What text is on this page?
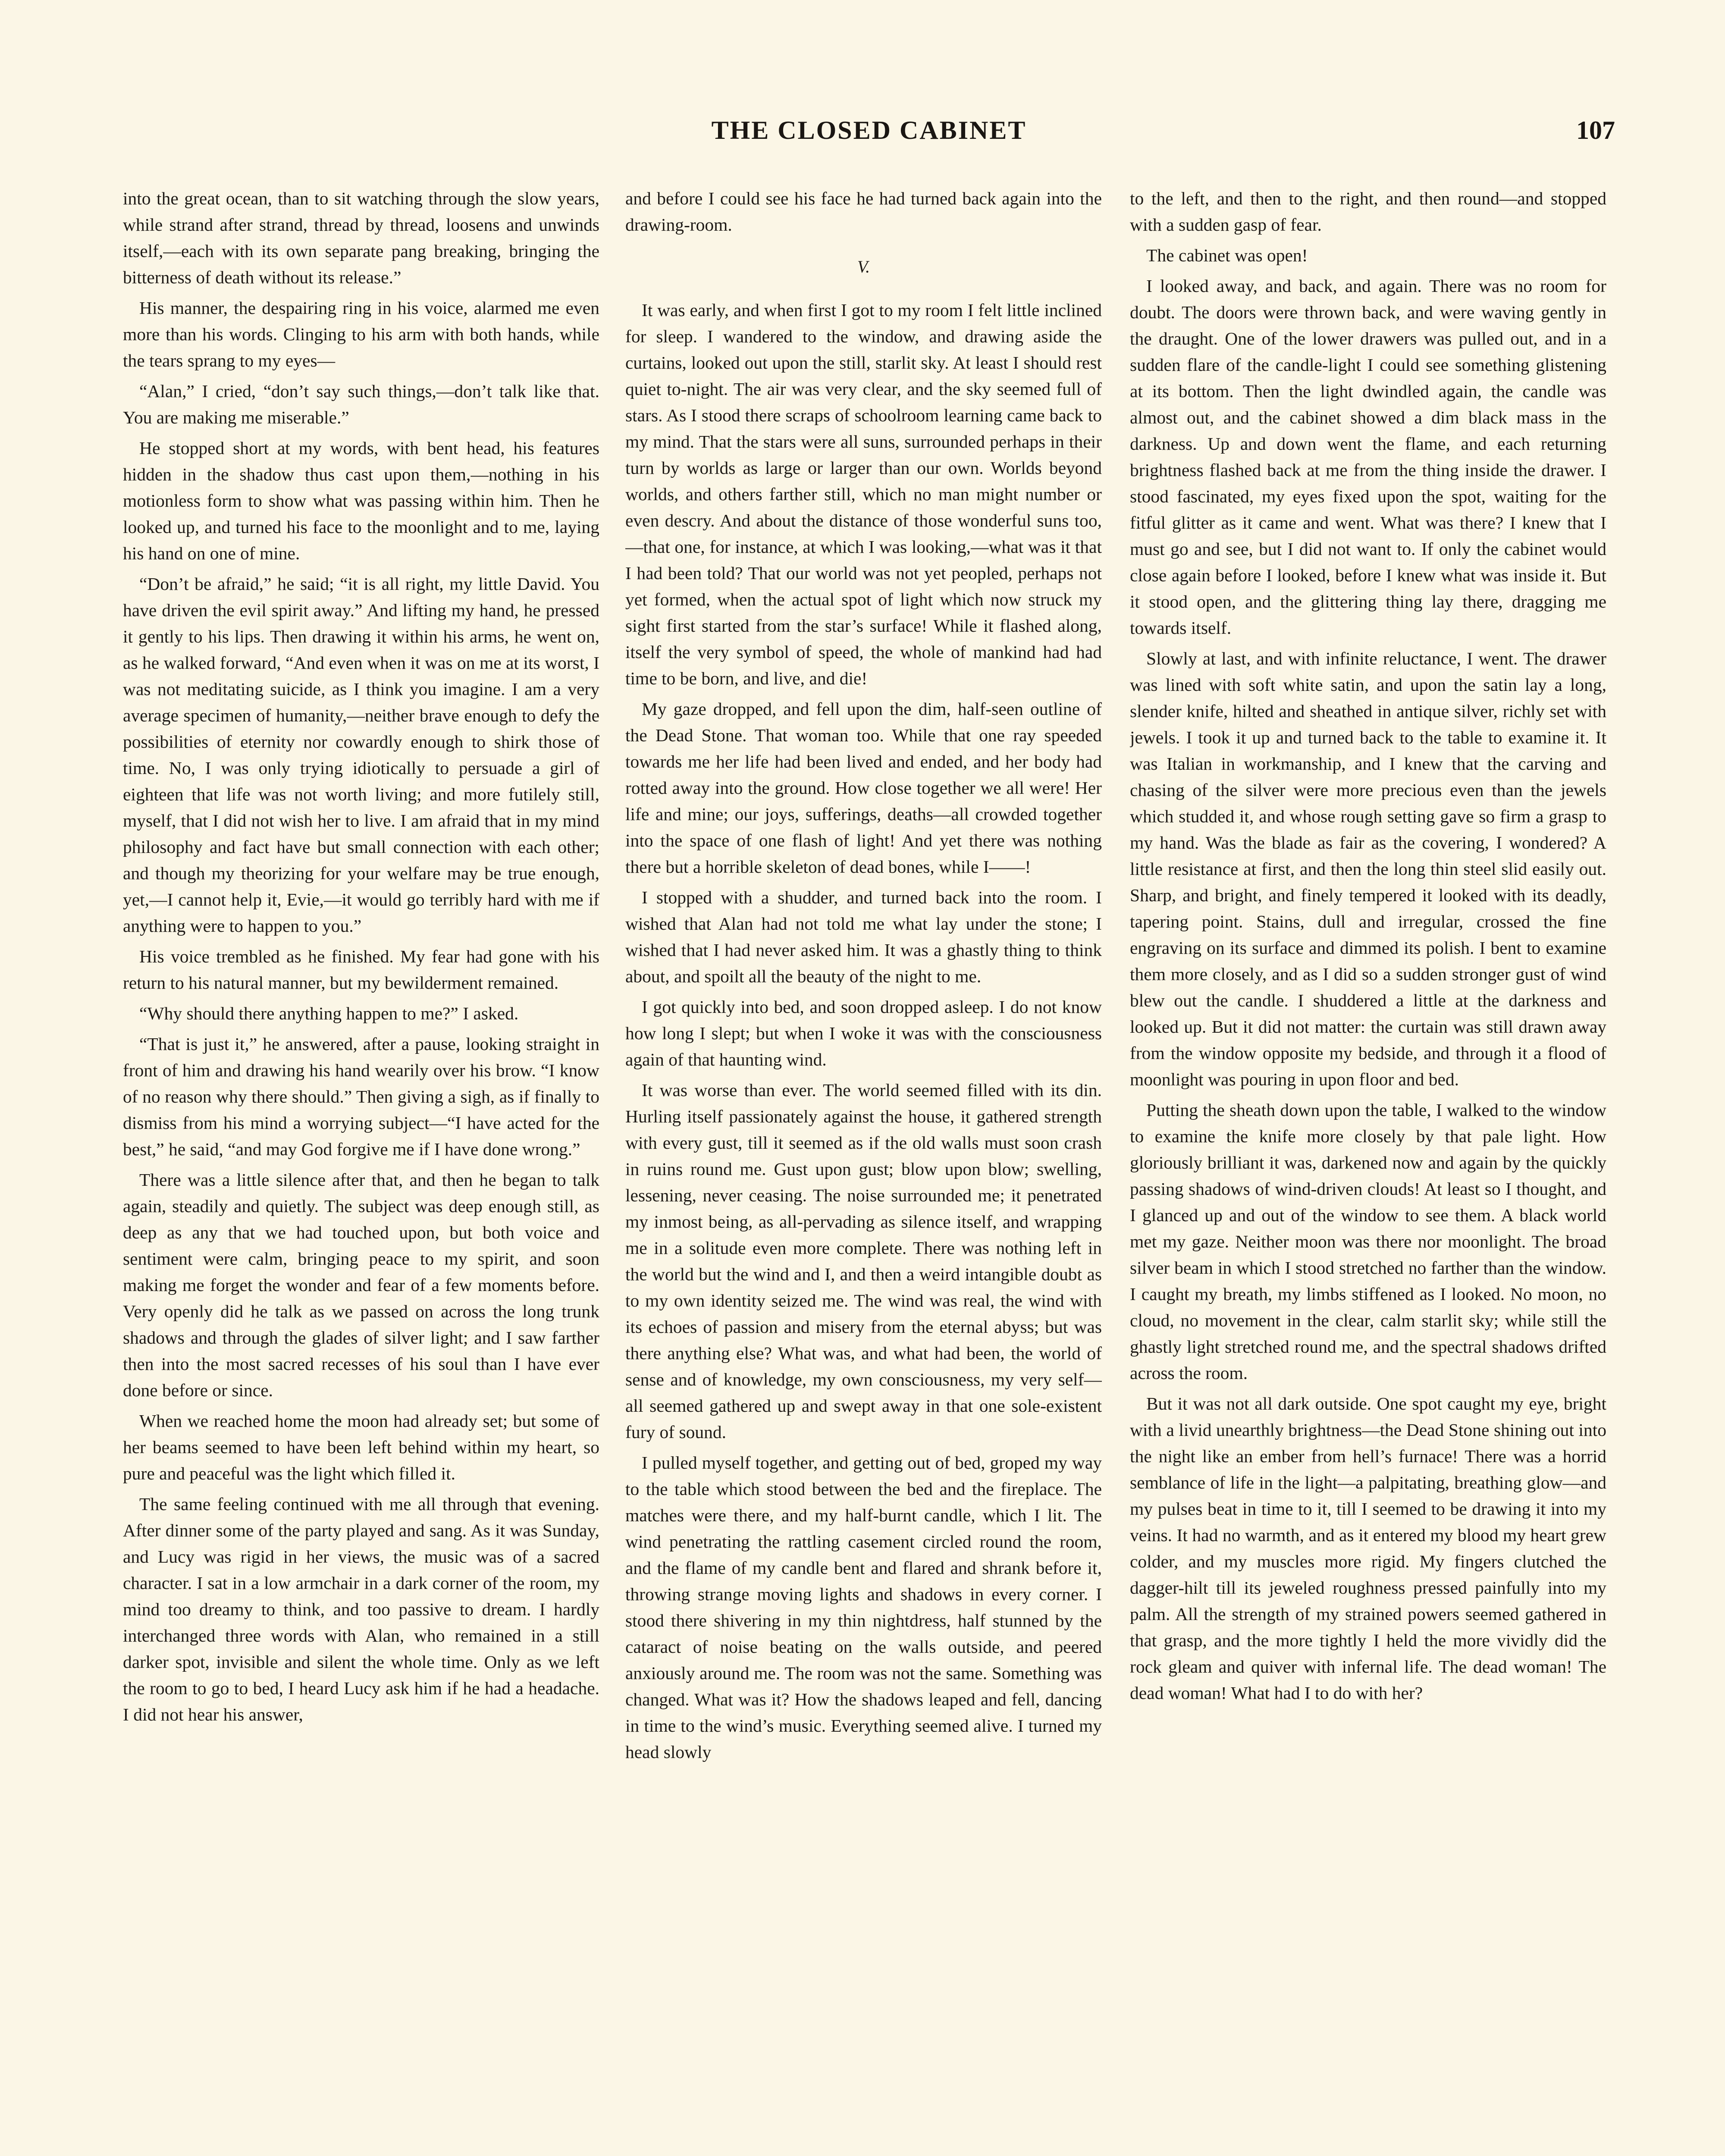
THE CLOSED CABINET	107

into the great ocean, than to sit watching through the slow years, while strand after strand, thread by thread, loosens and unwinds itself,—each with its own separate pang breaking, bringing the bitterness of death without its release.”

His manner, the despairing ring in his voice, alarmed me even more than his words. Clinging to his arm with both hands, while the tears sprang to my eyes—

“Alan,” I cried, “don’t say such things,—don’t talk like that. You are making me miserable.”

He stopped short at my words, with bent head, his features hidden in the shadow thus cast upon them,—nothing in his motionless form to show what was passing within him. Then he looked up, and turned his face to the moonlight and to me, laying his hand on one of mine.

“Don’t be afraid,” he said; “it is all right, my little David. You have driven the evil spirit away.” And lifting my hand, he pressed it gently to his lips. Then drawing it within his arms, he went on, as he walked forward, “And even when it was on me at its worst, I was not meditating suicide, as I think you imagine. I am a very average specimen of humanity,—neither brave enough to defy the possibilities of eternity nor cowardly enough to shirk those of time. No, I was only trying idiotically to persuade a girl of eighteen that life was not worth living; and more futilely still, myself, that I did not wish her to live. I am afraid that in my mind philosophy and fact have but small connection with each other; and though my theorizing for your welfare may be true enough, yet,—I cannot help it, Evie,—it would go terribly hard with me if anything were to happen to you.”

His voice trembled as he finished. My fear had gone with his return to his natural manner, but my bewilderment remained.

“Why should there anything happen to me?” I asked.

“That is just it,” he answered, after a pause, looking straight in front of him and drawing his hand wearily over his brow. “I know of no reason why there should.” Then giving a sigh, as if finally to dismiss from his mind a worrying subject—“I have acted for the best,” he said, “and may God forgive me if I have done wrong.”

There was a little silence after that, and then he began to talk again, steadily and quietly. The subject was deep enough still, as deep as any that we had touched upon, but both voice and sentiment were calm, bringing peace to my spirit, and soon making me forget the wonder and fear of a few moments before. Very openly did he talk as we passed on across the long trunk shadows and through the glades of silver light; and I saw farther then into the most sacred recesses of his soul than I have ever done before or since.

When we reached home the moon had already set; but some of her beams seemed to have been left behind within my heart, so pure and peaceful was the light which filled it.

The same feeling continued with me all through that evening. After dinner some of the party played and sang. As it was Sunday, and Lucy was rigid in her views, the music was of a sacred character. I sat in a low armchair in a dark corner of the room, my mind too dreamy to think, and too passive to dream. I hardly interchanged three words with Alan, who remained in a still darker spot, invisible and silent the whole time. Only as we left the room to go to bed, I heard Lucy ask him if he had a headache. I did not hear his answer,

and before I could see his face he had turned back again into the drawing-room.

V.

It was early, and when first I got to my room I felt little inclined for sleep. I wandered to the window, and drawing aside the curtains, looked out upon the still, starlit sky. At least I should rest quiet to-night. The air was very clear, and the sky seemed full of stars. As I stood there scraps of schoolroom learning came back to my mind. That the stars were all suns, surrounded perhaps in their turn by worlds as large or larger than our own. Worlds beyond worlds, and others farther still, which no man might number or even descry. And about the distance of those wonderful suns too,—that one, for instance, at which I was looking,—what was it that I had been told? That our world was not yet peopled, perhaps not yet formed, when the actual spot of light which now struck my sight first started from the star’s surface! While it flashed along, itself the very symbol of speed, the whole of mankind had had time to be born, and live, and die!

My gaze dropped, and fell upon the dim, half-seen outline of the Dead Stone. That woman too. While that one ray speeded towards me her life had been lived and ended, and her body had rotted away into the ground. How close together we all were! Her life and mine; our joys, sufferings, deaths—all crowded together into the space of one flash of light! And yet there was nothing there but a horrible skeleton of dead bones, while I——!

I stopped with a shudder, and turned back into the room. I wished that Alan had not told me what lay under the stone; I wished that I had never asked him. It was a ghastly thing to think about, and spoilt all the beauty of the night to me.

I got quickly into bed, and soon dropped asleep. I do not know how long I slept; but when I woke it was with the consciousness again of that haunting wind.

It was worse than ever. The world seemed filled with its din. Hurling itself passionately against the house, it gathered strength with every gust, till it seemed as if the old walls must soon crash in ruins round me. Gust upon gust; blow upon blow; swelling, lessening, never ceasing. The noise surrounded me; it penetrated my inmost being, as all-pervading as silence itself, and wrapping me in a solitude even more complete. There was nothing left in the world but the wind and I, and then a weird intangible doubt as to my own identity seized me. The wind was real, the wind with its echoes of passion and misery from the eternal abyss; but was there anything else? What was, and what had been, the world of sense and of knowledge, my own consciousness, my very self—all seemed gathered up and swept away in that one sole-existent fury of sound.

I pulled myself together, and getting out of bed, groped my way to the table which stood between the bed and the fireplace. The matches were there, and my half-burnt candle, which I lit. The wind penetrating the rattling casement circled round the room, and the flame of my candle bent and flared and shrank before it, throwing strange moving lights and shadows in every corner. I stood there shivering in my thin nightdress, half stunned by the cataract of noise beating on the walls outside, and peered anxiously around me. The room was not the same. Something was changed. What was it? How the shadows leaped and fell, dancing in time to the wind’s music. Everything seemed alive. I turned my head slowly

to the left, and then to the right, and then round—and stopped with a sudden gasp of fear.

The cabinet was open!

I looked away, and back, and again. There was no room for doubt. The doors were thrown back, and were waving gently in the draught. One of the lower drawers was pulled out, and in a sudden flare of the candle-light I could see something glistening at its bottom. Then the light dwindled again, the candle was almost out, and the cabinet showed a dim black mass in the darkness. Up and down went the flame, and each returning brightness flashed back at me from the thing inside the drawer. I stood fascinated, my eyes fixed upon the spot, waiting for the fitful glitter as it came and went. What was there? I knew that I must go and see, but I did not want to. If only the cabinet would close again before I looked, before I knew what was inside it. But it stood open, and the glittering thing lay there, dragging me towards itself.

Slowly at last, and with infinite reluctance, I went. The drawer was lined with soft white satin, and upon the satin lay a long, slender knife, hilted and sheathed in antique silver, richly set with jewels. I took it up and turned back to the table to examine it. It was Italian in workmanship, and I knew that the carving and chasing of the silver were more precious even than the jewels which studded it, and whose rough setting gave so firm a grasp to my hand. Was the blade as fair as the covering, I wondered? A little resistance at first, and then the long thin steel slid easily out. Sharp, and bright, and finely tempered it looked with its deadly, tapering point. Stains, dull and irregular, crossed the fine engraving on its surface and dimmed its polish. I bent to examine them more closely, and as I did so a sudden stronger gust of wind blew out the candle. I shuddered a little at the darkness and looked up. But it did not matter: the curtain was still drawn away from the window opposite my bedside, and through it a flood of moonlight was pouring in upon floor and bed.

Putting the sheath down upon the table, I walked to the window to examine the knife more closely by that pale light. How gloriously brilliant it was, darkened now and again by the quickly passing shadows of wind-driven clouds! At least so I thought, and I glanced up and out of the window to see them. A black world met my gaze. Neither moon was there nor moonlight. The broad silver beam in which I stood stretched no farther than the window. I caught my breath, my limbs stiffened as I looked. No moon, no cloud, no movement in the clear, calm starlit sky; while still the ghastly light stretched round me, and the spectral shadows drifted across the room.

But it was not all dark outside. One spot caught my eye, bright with a livid unearthly brightness—the Dead Stone shining out into the night like an ember from hell’s furnace! There was a horrid semblance of life in the light—a palpitating, breathing glow—and my pulses beat in time to it, till I seemed to be drawing it into my veins. It had no warmth, and as it entered my blood my heart grew colder, and my muscles more rigid. My fingers clutched the dagger-hilt till its jeweled roughness pressed painfully into my palm. All the strength of my strained powers seemed gathered in that grasp, and the more tightly I held the more vividly did the rock gleam and quiver with infernal life. The dead woman! The dead woman! What had I to do with her?
